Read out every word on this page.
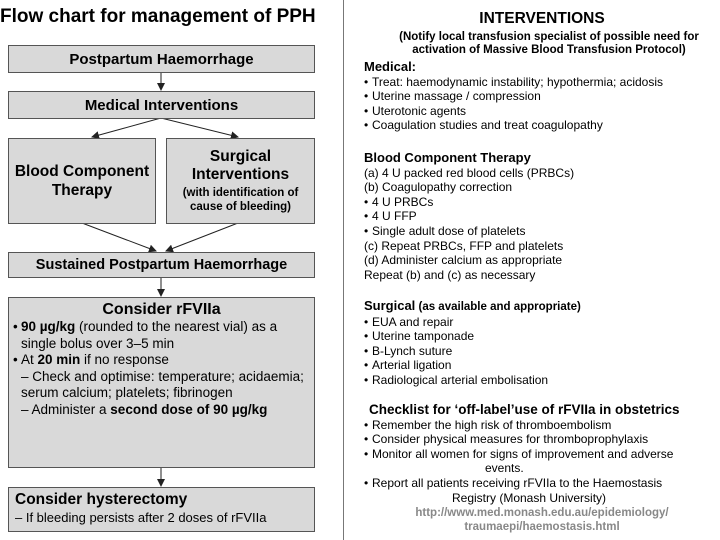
Flow chart for management of PPH
Postpartum Haemorrhage
Medical Interventions
Blood Component Therapy
Surgical Interventions
(with identification of cause of bleeding)
Sustained Postpartum Haemorrhage
Consider rFVIIa
• 90 µg/kg (rounded to the nearest vial) as a single bolus over 3–5 min
• At 20 min if no response
– Check and optimise: temperature; acidaemia; serum calcium; platelets; fibrinogen
– Administer a second dose of 90 µg/kg
Consider hysterectomy
– If bleeding persists after 2 doses of rFVIIa
INTERVENTIONS
(Notify local transfusion specialist of possible need for activation of Massive Blood Transfusion Protocol)
Medical:
• Treat: haemodynamic instability; hypothermia; acidosis
• Uterine massage / compression
• Uterotonic agents
• Coagulation studies and treat coagulopathy
Blood Component Therapy
(a) 4 U packed red blood cells (PRBCs)
(b) Coagulopathy correction
• 4 U PRBCs
• 4 U FFP
• Single adult dose of platelets
(c) Repeat PRBCs, FFP and platelets
(d) Administer calcium as appropriate
Repeat (b) and (c) as necessary
Surgical (as available and appropriate)
• EUA and repair
• Uterine tamponade
• B-Lynch suture
• Arterial ligation
• Radiological arterial embolisation
Checklist for ‘off-label’use of rFVIIa in obstetrics
• Remember the high risk of thromboembolism
• Consider physical measures for thromboprophylaxis
• Monitor all women for signs of improvement and adverse
events.
• Report all patients receiving rFVIIa to the Haemostasis
Registry (Monash University)
http://www.med.monash.edu.au/epidemiology/
traumaepi/haemostasis.html
